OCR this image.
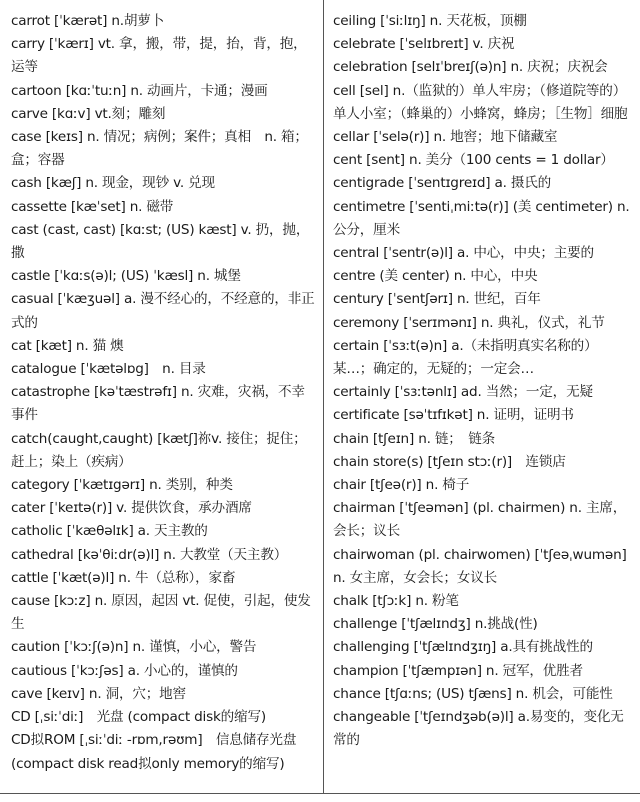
carrot [ˈkærət] n.胡萝卜
carry [ˈkærɪ] vt. 拿，搬，带，提，抬，背，抱，运等
cartoon [kɑːˈtuːn] n. 动画片，卡通；漫画
carve [kɑːv] vt.刻；雕刻
case [keɪs] n. 情况；病例；案件；真相　n. 箱；盒；容器
cash [kæʃ] n. 现金，现钞 v. 兑现
cassette [kæˈset] n. 磁带
cast (cast, cast) [kɑːst; (US) kæst] v. 扔，抛，撒
castle [ˈkɑːs(ə)l; (US) ˈkæsl] n. 城堡
casual [ˈkæʒuəl] a. 漫不经心的，不经意的，非正式的
cat [kæt] n. 猫 燠
catalogue [ˈkætəlɒg]　n. 目录
catastrophe [kəˈtæstrəfɪ] n. 灾难，灾祸，不幸事件
catch(caught,caught) [kætʃ]祢v. 接住；捉住；赶上；染上（疾病）
category [ˈkætɪgərɪ] n. 类别，种类
cater [ˈkeɪtə(r)] v. 提供饮食，承办酒席
catholic [ˈkæθəlɪk] a. 天主教的
cathedral [kəˈθiːdr(ə)l] n. 大教堂（天主教）
cattle [ˈkæt(ə)l] n. 牛（总称），家畜
cause [kɔːz] n. 原因，起因 vt. 促使，引起，使发生
caution [ˈkɔːʃ(ə)n] n. 谨慎，小心，警告
cautious [ˈkɔːʃəs] a. 小心的，谨慎的
cave [keɪv] n. 洞，穴；地窖
CD [ˌsiːˈdiː]　光盘 (compact disk的缩写)
CD拟ROM [ˌsiːˈdiː -rɒm,rəʊm]　信息储存光盘 (compact disk read拟only memory的缩写)
ceiling [ˈsiːlɪŋ] n. 天花板，顶棚
celebrate [ˈselɪbreɪt] v. 庆祝
celebration [selɪˈbreɪʃ(ə)n] n. 庆祝；庆祝会
cell [sel] n.（监狱的）单人牢房；（修道院等的）单人小室；（蜂巢的）小蜂窝，蜂房；［生物］细胞
cellar [ˈselə(r)] n. 地窖；地下储藏室
cent [sent] n. 美分（100 cents = 1 dollar）
centigrade [ˈsentɪgreɪd] a. 摄氏的
centimetre [ˈsentiˌmiːtə(r)] (美 centimeter) n. 公分，厘米
central [ˈsentr(ə)l] a. 中心，中央；主要的
centre (美 center) n. 中心，中央
century [ˈsentʃərɪ] n. 世纪，百年
ceremony [ˈserɪmənɪ] n. 典礼，仪式，礼节
certain [ˈsɜːt(ə)n] a.（未指明真实名称的）某…；确定的，无疑的；一定会…
certainly [ˈsɜːtənlɪ] ad. 当然；一定，无疑
certificate [səˈtɪfɪkət] n. 证明，证明书
chain [tʃeɪn] n. 链；　链条
chain store(s) [tʃeɪn stɔː(r)]　连锁店
chair [tʃeə(r)] n. 椅子
chairman [ˈtʃeəmən] (pl. chairmen) n. 主席，会长；议长
chairwoman (pl. chairwomen) [ˈtʃeəˌwumən] n. 女主席，女会长；女议长
chalk [tʃɔːk] n. 粉笔
challenge [ˈtʃælɪndʒ] n.挑战(性)
challenging [ˈtʃælɪndʒɪŋ] a.具有挑战性的
champion [ˈtʃæmpɪən] n. 冠军，优胜者
chance [tʃɑːns; (US) tʃæns] n. 机会，可能性
changeable [ˈtʃeɪndʒəb(ə)l] a.易变的，变化无常的
